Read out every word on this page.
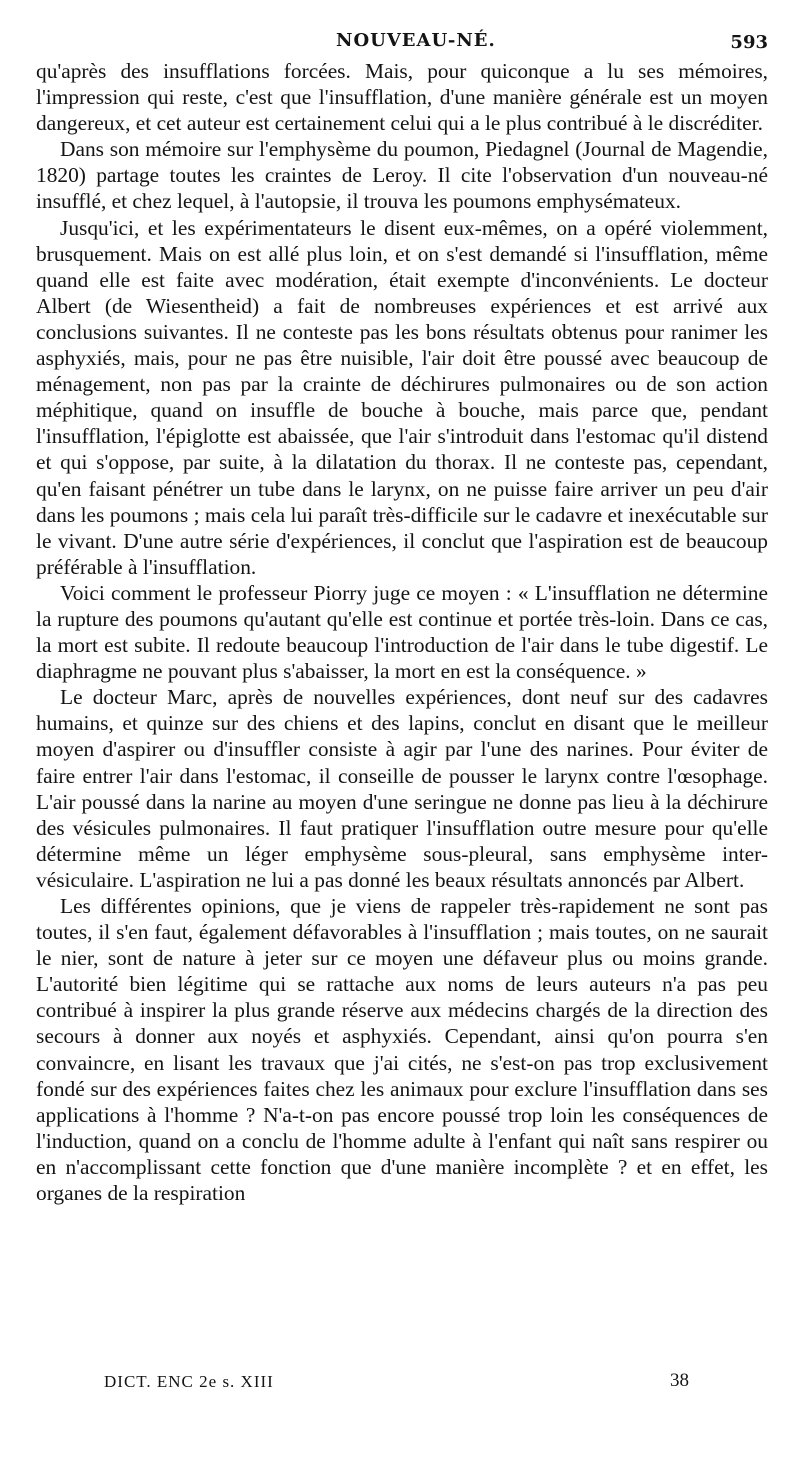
NOUVEAU-NÉ.	593

qu'après des insufflations forcées. Mais, pour quiconque a lu ses mémoires, l'impression qui reste, c'est que l'insufflation, d'une manière générale est un moyen dangereux, et cet auteur est certainement celui qui a le plus contribué à le discréditer.

Dans son mémoire sur l'emphysème du poumon, Piedagnel (Journal de Magendie, 1820) partage toutes les craintes de Leroy. Il cite l'observation d'un nouveau-né insufflé, et chez lequel, à l'autopsie, il trouva les poumons emphysémateux.

Jusqu'ici, et les expérimentateurs le disent eux-mêmes, on a opéré violemment, brusquement. Mais on est allé plus loin, et on s'est demandé si l'insufflation, même quand elle est faite avec modération, était exempte d'inconvénients. Le docteur Albert (de Wiesentheid) a fait de nombreuses expériences et est arrivé aux conclusions suivantes. Il ne conteste pas les bons résultats obtenus pour ranimer les asphyxiés, mais, pour ne pas être nuisible, l'air doit être poussé avec beaucoup de ménagement, non pas par la crainte de déchirures pulmonaires ou de son action méphitique, quand on insuffle de bouche à bouche, mais parce que, pendant l'insufflation, l'épiglotte est abaissée, que l'air s'introduit dans l'estomac qu'il distend et qui s'oppose, par suite, à la dilatation du thorax. Il ne conteste pas, cependant, qu'en faisant pénétrer un tube dans le larynx, on ne puisse faire arriver un peu d'air dans les poumons ; mais cela lui paraît très-difficile sur le cadavre et inexécutable sur le vivant. D'une autre série d'expériences, il conclut que l'aspiration est de beaucoup préférable à l'insufflation.

Voici comment le professeur Piorry juge ce moyen : « L'insufflation ne détermine la rupture des poumons qu'autant qu'elle est continue et portée très-loin. Dans ce cas, la mort est subite. Il redoute beaucoup l'introduction de l'air dans le tube digestif. Le diaphragme ne pouvant plus s'abaisser, la mort en est la conséquence. »

Le docteur Marc, après de nouvelles expériences, dont neuf sur des cadavres humains, et quinze sur des chiens et des lapins, conclut en disant que le meilleur moyen d'aspirer ou d'insuffler consiste à agir par l'une des narines. Pour éviter de faire entrer l'air dans l'estomac, il conseille de pousser le larynx contre l'œsophage. L'air poussé dans la narine au moyen d'une seringue ne donne pas lieu à la déchirure des vésicules pulmonaires. Il faut pratiquer l'insufflation outre mesure pour qu'elle détermine même un léger emphysème sous-pleural, sans emphysème inter-vésiculaire. L'aspiration ne lui a pas donné les beaux résultats annoncés par Albert.

Les différentes opinions, que je viens de rappeler très-rapidement ne sont pas toutes, il s'en faut, également défavorables à l'insufflation ; mais toutes, on ne saurait le nier, sont de nature à jeter sur ce moyen une défaveur plus ou moins grande. L'autorité bien légitime qui se rattache aux noms de leurs auteurs n'a pas peu contribué à inspirer la plus grande réserve aux médecins chargés de la direction des secours à donner aux noyés et asphyxiés. Cependant, ainsi qu'on pourra s'en convaincre, en lisant les travaux que j'ai cités, ne s'est-on pas trop exclusivement fondé sur des expériences faites chez les animaux pour exclure l'insufflation dans ses applications à l'homme ? N'a-t-on pas encore poussé trop loin les conséquences de l'induction, quand on a conclu de l'homme adulte à l'enfant qui naît sans respirer ou en n'accomplissant cette fonction que d'une manière incomplète ? et en effet, les organes de la respiration

DICT. ENC 2e s. XIII	38
